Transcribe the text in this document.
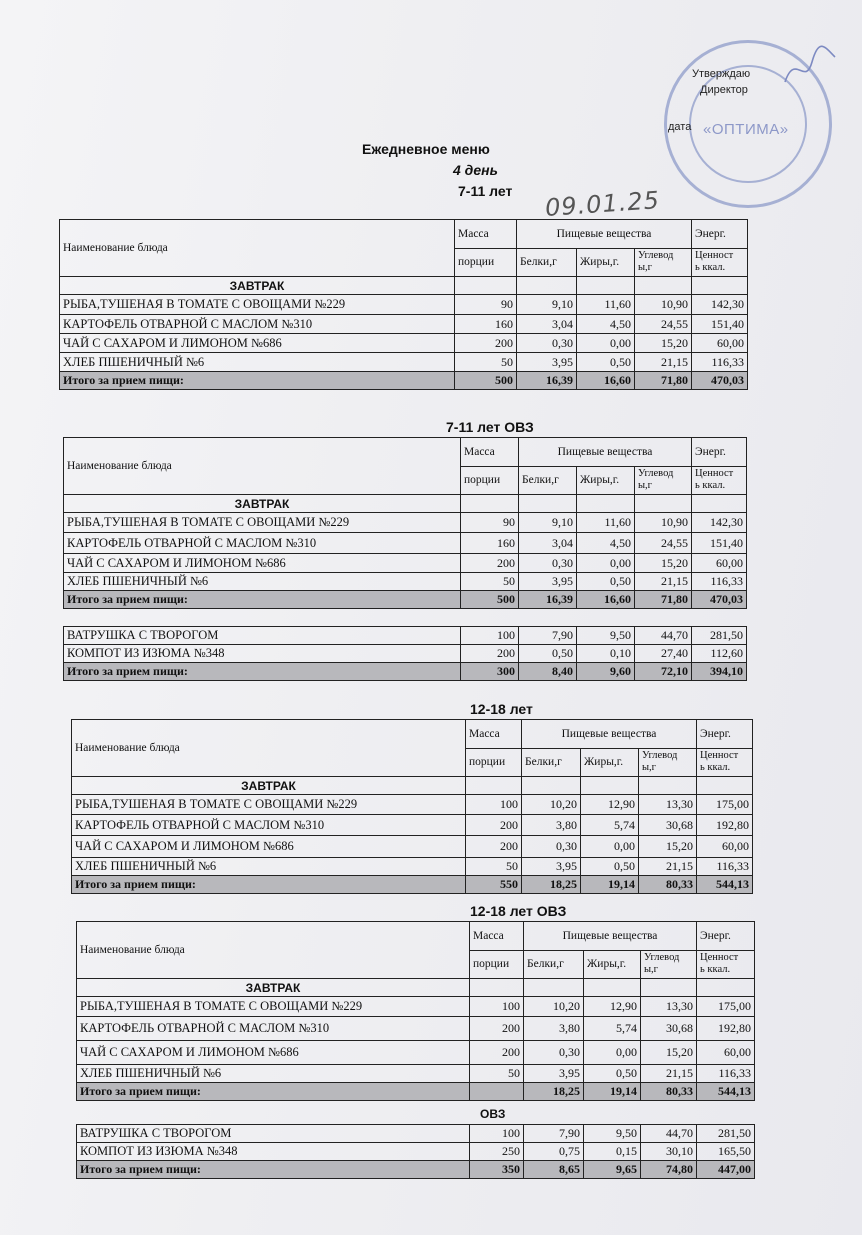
«ОПТИМА»
Утверждаю
Директор
дата
Ежедневное меню
4 день
09.01.25
7-11 лет
Наименование блюда	Масса	Пищевые вещества			Энерг.
	порции	Белки,г	Жиры,г.	Углевод
ы,г	Ценност
ь ккал.
ЗАВТРАК					
РЫБА,ТУШЕНАЯ В ТОМАТЕ С ОВОЩАМИ №229	90	9,10	11,60	10,90	142,30
КАРТОФЕЛЬ ОТВАРНОЙ С МАСЛОМ №310	160	3,04	4,50	24,55	151,40
ЧАЙ С САХАРОМ И ЛИМОНОМ №686	200	0,30	0,00	15,20	60,00
ХЛЕБ ПШЕНИЧНЫЙ №6	50	3,95	0,50	21,15	116,33
Итого за прием пищи:	500	16,39	16,60	71,80	470,03
7-11 лет ОВЗ
Наименование блюда	Масса	Пищевые вещества			Энерг.
	порции	Белки,г	Жиры,г.	Углевод
ы,г	Ценност
ь ккал.
ЗАВТРАК					
РЫБА,ТУШЕНАЯ В ТОМАТЕ С ОВОЩАМИ №229	90	9,10	11,60	10,90	142,30
КАРТОФЕЛЬ ОТВАРНОЙ С МАСЛОМ №310	160	3,04	4,50	24,55	151,40
ЧАЙ С САХАРОМ И ЛИМОНОМ №686	200	0,30	0,00	15,20	60,00
ХЛЕБ ПШЕНИЧНЫЙ №6	50	3,95	0,50	21,15	116,33
Итого за прием пищи:	500	16,39	16,60	71,80	470,03
ВАТРУШКА С ТВОРОГОМ	100	7,90	9,50	44,70	281,50
КОМПОТ ИЗ ИЗЮМА №348	200	0,50	0,10	27,40	112,60
Итого за прием пищи:	300	8,40	9,60	72,10	394,10
12-18 лет
Наименование блюда	Масса	Пищевые вещества			Энерг.
	порции	Белки,г	Жиры,г.	Углевод
ы,г	Ценност
ь ккал.
ЗАВТРАК					
РЫБА,ТУШЕНАЯ В ТОМАТЕ С ОВОЩАМИ №229	100	10,20	12,90	13,30	175,00
КАРТОФЕЛЬ ОТВАРНОЙ С МАСЛОМ №310	200	3,80	5,74	30,68	192,80
ЧАЙ С САХАРОМ И ЛИМОНОМ №686	200	0,30	0,00	15,20	60,00
ХЛЕБ ПШЕНИЧНЫЙ №6	50	3,95	0,50	21,15	116,33
Итого за прием пищи:	550	18,25	19,14	80,33	544,13
12-18 лет ОВЗ
Наименование блюда	Масса	Пищевые вещества			Энерг.
	порции	Белки,г	Жиры,г.	Углевод
ы,г	Ценност
ь ккал.
ЗАВТРАК					
РЫБА,ТУШЕНАЯ В ТОМАТЕ С ОВОЩАМИ №229	100	10,20	12,90	13,30	175,00
КАРТОФЕЛЬ ОТВАРНОЙ С МАСЛОМ №310	200	3,80	5,74	30,68	192,80
ЧАЙ С САХАРОМ И ЛИМОНОМ №686	200	0,30	0,00	15,20	60,00
ХЛЕБ ПШЕНИЧНЫЙ №6	50	3,95	0,50	21,15	116,33
Итого за прием пищи:		18,25	19,14	80,33	544,13
ОВЗ
ВАТРУШКА С ТВОРОГОМ	100	7,90	9,50	44,70	281,50
КОМПОТ ИЗ ИЗЮМА №348	250	0,75	0,15	30,10	165,50
Итого за прием пищи:	350	8,65	9,65	74,80	447,00
